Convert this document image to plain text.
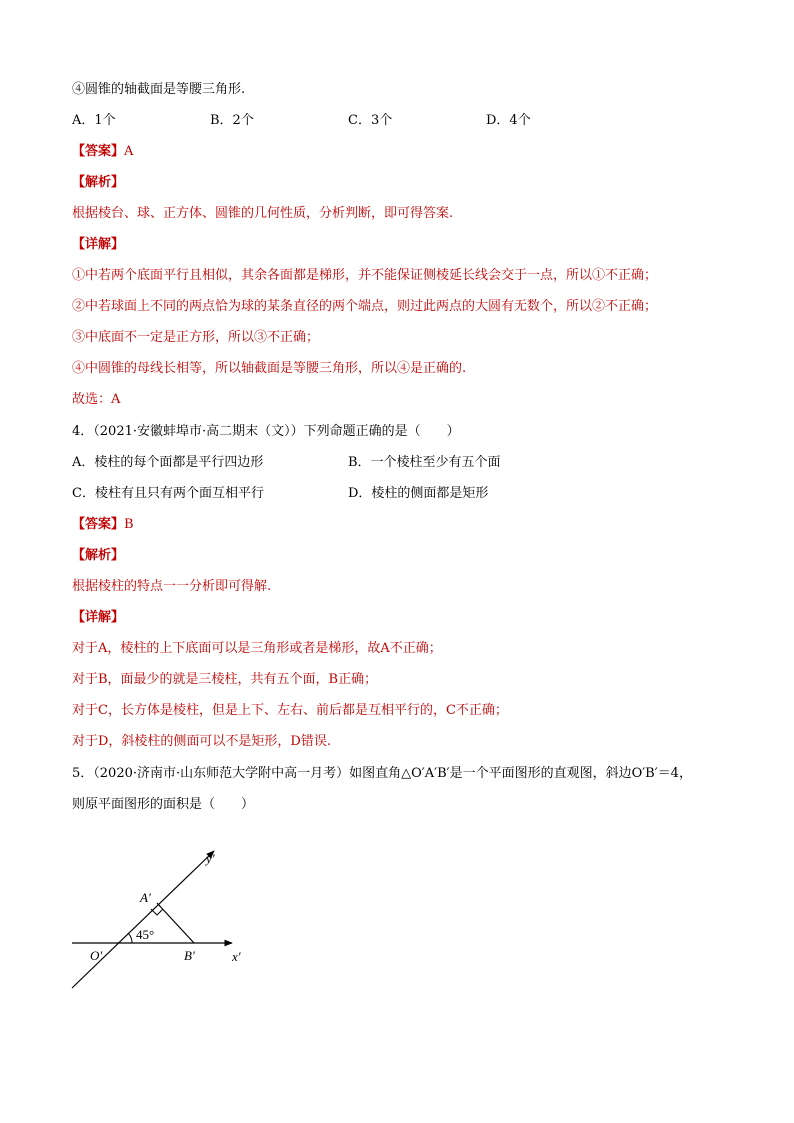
④圆锥的轴截面是等腰三角形.
A．1个	B．2个	C．3个	D．4个
【答案】A
【解析】
根据棱台、球、正方体、圆锥的几何性质，分析判断，即可得答案.
【详解】
①中若两个底面平行且相似，其余各面都是梯形，并不能保证侧棱延长线会交于一点，所以①不正确；
②中若球面上不同的两点恰为球的某条直径的两个端点，则过此两点的大圆有无数个，所以②不正确；
③中底面不一定是正方形，所以③不正确；
④中圆锥的母线长相等，所以轴截面是等腰三角形，所以④是正确的.
故选：A
4．（2021·安徽蚌埠市·高二期末（文））下列命题正确的是（　　）
A．棱柱的每个面都是平行四边形	B．一个棱柱至少有五个面
C．棱柱有且只有两个面互相平行	D．棱柱的侧面都是矩形
【答案】B
【解析】
根据棱柱的特点一一分析即可得解.
【详解】
对于A，棱柱的上下底面可以是三角形或者是梯形，故A不正确；
对于B，面最少的就是三棱柱，共有五个面，B正确；
对于C，长方体是棱柱，但是上下、左右、前后都是互相平行的，C不正确；
对于D，斜棱柱的侧面可以不是矩形，D错误.
5．（2020·济南市·山东师范大学附中高一月考）如图直角△O′A′B′是一个平面图形的直观图，斜边O′B′＝4，
则原平面图形的面积是（　　）
y′
x′
O′
A′
B′
45°
